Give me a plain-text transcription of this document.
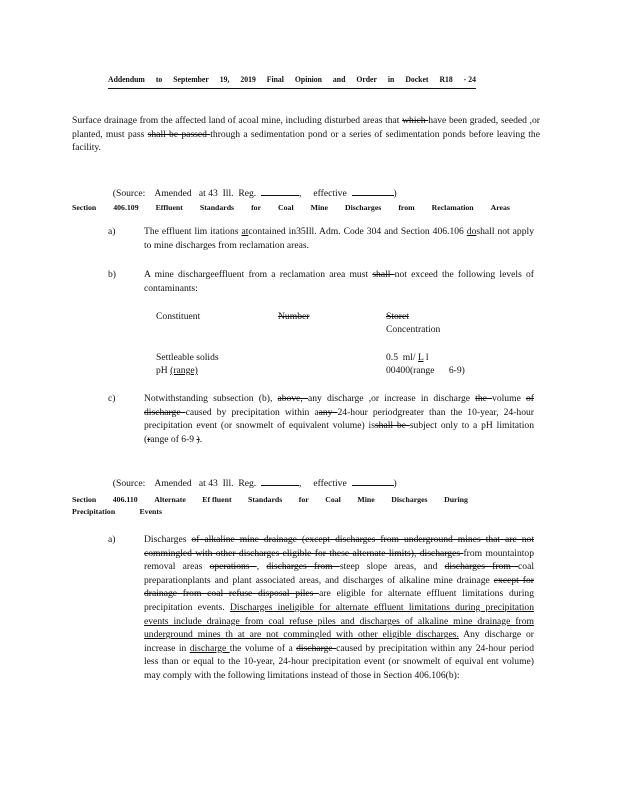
Addendum to September 19, 2019 Final Opinion and Order in Docket R18 - 24

Surface drainage from the affected land of acoal mine, including disturbed areas that which have been graded, seeded ,or planted, must pass shall be passed through a sedimentation pond or a series of sedimentation ponds before leaving the facility.

(Source: Amended   at 43  Ill.  Reg.	,     effective	)

Section 406.109 Effluent Standards for Coal Mine Discharges from Reclamation Areas
a)	The effluent lim itations atcontained in35Ill. Adm. Code 304 and Section 406.106 doshall not apply to mine discharges from reclamation areas.

b)	A mine dischargeeffluent from a reclamation area must shall not exceed the following levels of contaminants:

Constituent	Number	Storet
Concentration
Settleable solids	0.5  ml/ L l
pH (range)	00400(range      6-9)
c)	Notwithstanding subsection (b), above, any discharge ,or increase in discharge the volume of discharge caused by precipitation within aany 24-hour periodgreater than the 10-year, 24-hour precipitation event (or snowmelt of equivalent volume) isshall be subject only to a pH limitation (range of 6-9 ).

(Source: Amended   at 43  Ill.  Reg.	,     effective	)

Section 406.110 Alternate Ef fluent Standards for Coal Mine Discharges During
Precipitation	Events
a)	Discharges of alkaline mine drainage (except discharges from underground mines that are not commingled with other discharges eligible for these alternate limits), discharges from mountaintop removal areas operations , discharges from steep slope areas, and discharges from coal preparationplants and plant associated areas, and discharges of alkaline mine drainage except for drainage from coal refuse disposal piles are eligible for alternate effluent limitations during precipitation events. Discharges ineligible for alternate effluent limitations during precipitation events include drainage from coal refuse piles and discharges of alkaline mine drainage from underground mines th at are not commingled with other eligible discharges. Any discharge or increase in discharge the volume of a discharge caused by precipitation within any 24-hour period less than or equal to the 10-year, 24-hour precipitation event (or snowmelt of equival ent volume) may comply with the following limitations instead of those in Section 406.106(b):
